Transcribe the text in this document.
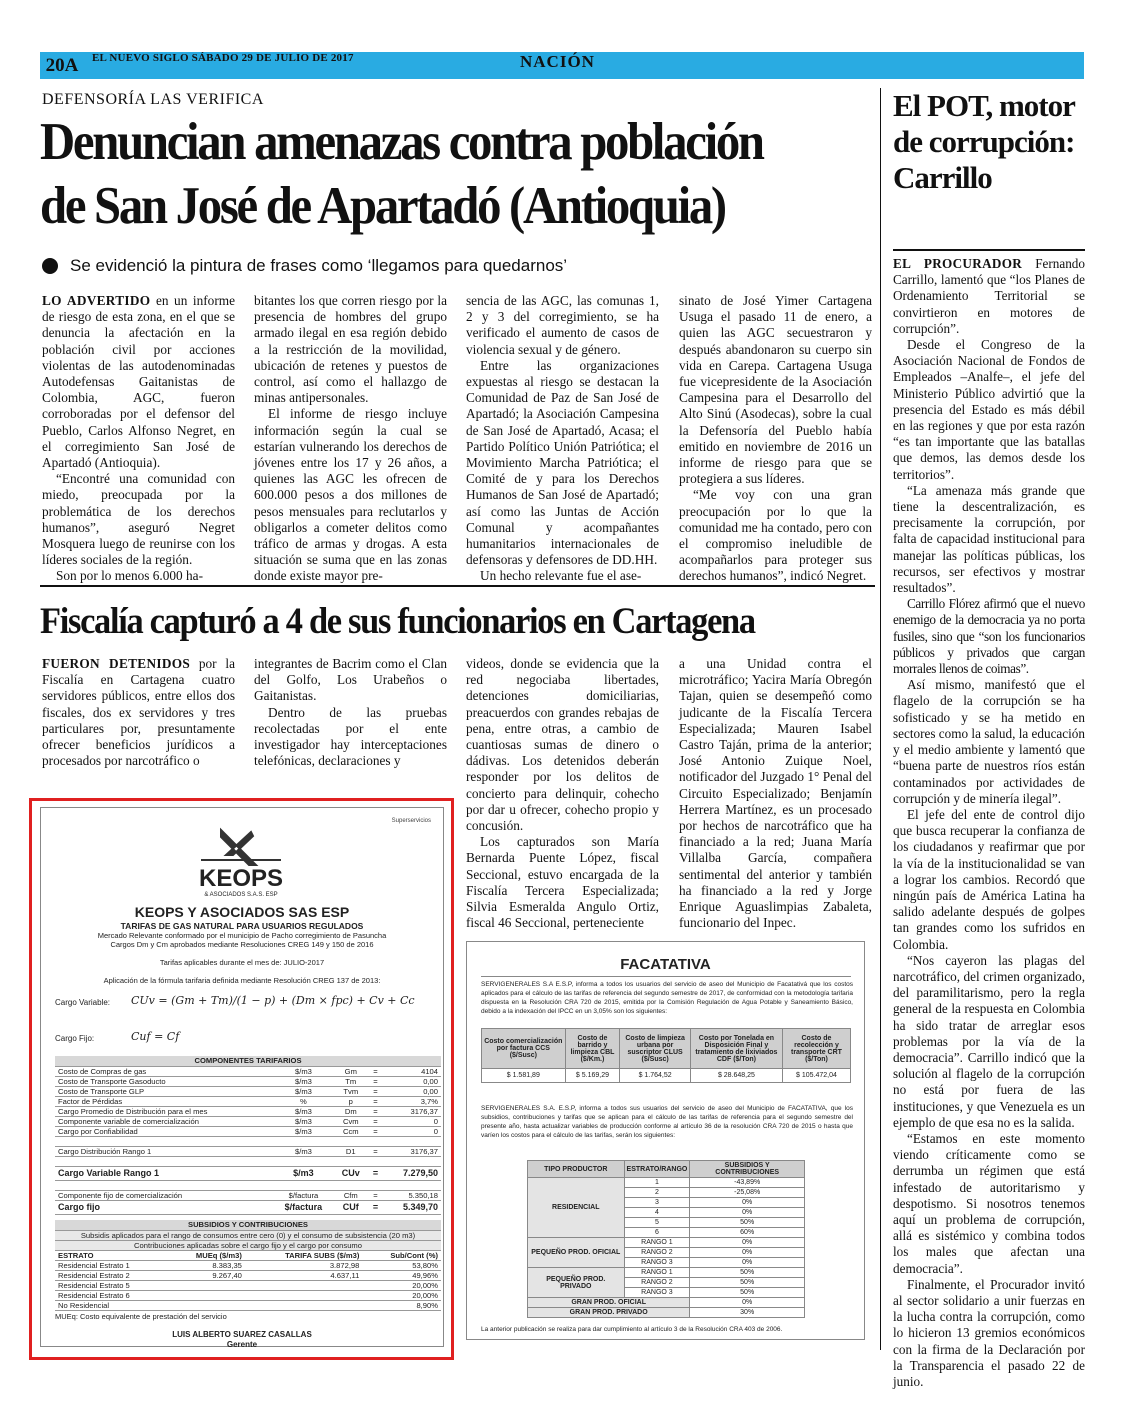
20A	EL NUEVO SIGLO SÁBADO 29 DE JULIO DE 2017	NACIÓN
DEFENSORÍA LAS VERIFICA
Denuncian amenazas contra población de San José de Apartadó (Antioquia)
Se evidenció la pintura de frases como ‘llegamos para quedarnos’

LO ADVERTIDO en un informe de riesgo de esta zona, en el que se denuncia la afectación en la población civil por acciones violentas de las autodenominadas Autodefensas Gaitanistas de Colombia, AGC, fueron corroboradas por el defensor del Pueblo, Carlos Alfonso Negret, en el corregimiento San José de Apartadó (Antioquia).

“Encontré una comunidad con miedo, preocupada por la problemática de los derechos humanos”, aseguró Negret Mosquera luego de reunirse con los líderes sociales de la región.

Son por lo menos 6.000 ha-

bitantes los que corren riesgo por la presencia de hombres del grupo armado ilegal en esa región debido a la restricción de la movilidad, ubicación de retenes y puestos de control, así como el hallazgo de minas antipersonales.

El informe de riesgo incluye información según la cual se estarían vulnerando los derechos de jóvenes entre los 17 y 26 años, a quienes las AGC les ofrecen de 600.000 pesos a dos millones de pesos mensuales para reclutarlos y obligarlos a cometer delitos como tráfico de armas y drogas. A esta situación se suma que en las zonas donde existe mayor pre-

sencia de las AGC, las comunas 1, 2 y 3 del corregimiento, se ha verificado el aumento de casos de violencia sexual y de género.

Entre las organizaciones expuestas al riesgo se destacan la Comunidad de Paz de San José de Apartadó; la Asociación Campesina de San José de Apartadó, Acasa; el Partido Político Unión Patriótica; el Movimiento Marcha Patriótica; el Comité de y para los Derechos Humanos de San José de Apartadó; así como las Juntas de Acción Comunal y acompañantes humanitarios internacionales de defensoras y defensores de DD.HH.

Un hecho relevante fue el ase-

sinato de José Yimer Cartagena Usuga el pasado 11 de enero, a quien las AGC secuestraron y después abandonaron su cuerpo sin vida en Carepa. Cartagena Usuga fue vicepresidente de la Asociación Campesina para el Desarrollo del Alto Sinú (Asodecas), sobre la cual la Defensoría del Pueblo había emitido en noviembre de 2016 un informe de riesgo para que se protegiera a sus líderes.

“Me voy con una gran preocupación por lo que la comunidad me ha contado, pero con el compromiso ineludible de acompañarlos para proteger sus derechos humanos”, indicó Negret.

Fiscalía capturó a 4 de sus funcionarios en Cartagena

FUERON DETENIDOS por la Fiscalía en Cartagena cuatro servidores públicos, entre ellos dos fiscales, dos ex servidores y tres particulares por, presuntamente ofrecer beneficios jurídicos a procesados por narcotráfico o

integrantes de Bacrim como el Clan del Golfo, Los Urabeños o Gaitanistas.

Dentro de las pruebas recolectadas por el ente investigador hay interceptaciones telefónicas, declaraciones y

videos, donde se evidencia que la red negociaba libertades, detenciones domiciliarias, preacuerdos con grandes rebajas de pena, entre otras, a cambio de cuantiosas sumas de dinero o dádivas. Los detenidos deberán responder por los delitos de concierto para delinquir, cohecho por dar u ofrecer, cohecho propio y concusión.

Los capturados son María Bernarda Puente López, fiscal Seccional, estuvo encargada de la Fiscalía Tercera Especializada; Silvia Esmeralda Angulo Ortiz, fiscal 46 Seccional, perteneciente

a una Unidad contra el microtráfico; Yacira María Obregón Tajan, quien se desempeñó como judicante de la Fiscalía Tercera Especializada; Mauren Isabel Castro Taján, prima de la anterior; José Antonio Zuique Noel, notificador del Juzgado 1° Penal del Circuito Especializado; Benjamín Herrera Martínez, es un procesado por hechos de narcotráfico que ha financiado a la red; Juana María Villalba García, compañera sentimental del anterior y también ha financiado a la red y Jorge Enrique Aguaslimpias Zabaleta, funcionario del Inpec.

El POT, motor de corrupción: Carrillo

EL PROCURADOR Fernando Carrillo, lamentó que “los Planes de Ordenamiento Territorial se convirtieron en motores de corrupción”.

Desde el Congreso de la Asociación Nacional de Fondos de Empleados –Analfe–, el jefe del Ministerio Público advirtió que la presencia del Estado es más débil en las regiones y que por esta razón “es tan importante que las batallas que demos, las demos desde los territorios”.

“La amenaza más grande que tiene la descentralización, es precisamente la corrupción, por falta de capacidad institucional para manejar las políticas públicas, los recursos, ser efectivos y mostrar resultados”.

Carrillo Flórez afirmó que el nuevo enemigo de la democracia ya no porta fusiles, sino que “son los funcionarios públicos y privados que cargan morrales llenos de coimas”.

Así mismo, manifestó que el flagelo de la corrupción se ha sofisticado y se ha metido en sectores como la salud, la educación y el medio ambiente y lamentó que “buena parte de nuestros ríos están contaminados por actividades de corrupción y de minería ilegal”.

El jefe del ente de control dijo que busca recuperar la confianza de los ciudadanos y reafirmar que por la vía de la institucionalidad se van a lograr los cambios. Recordó que ningún país de América Latina ha salido adelante después de golpes tan grandes como los sufridos en Colombia.

“Nos cayeron las plagas del narcotráfico, del crimen organizado, del paramilitarismo, pero la regla general de la respuesta en Colombia ha sido tratar de arreglar esos problemas por la vía de la democracia”. Carrillo indicó que la solución al flagelo de la corrupción no está por fuera de las instituciones, y que Venezuela es un ejemplo de que esa no es la salida.

“Estamos en este momento viendo críticamente como se derrumba un régimen que está infestado de autoritarismo y despotismo. Si nosotros tenemos aquí un problema de corrupción, allá es sistémico y combina todos los males que afectan una democracia”.

Finalmente, el Procurador invitó al sector solidario a unir fuerzas en la lucha contra la corrupción, como lo hicieron 13 gremios económicos con la firma de la Declaración por la Transparencia el pasado 22 de junio.

KEOPS
& ASOCIADOS S.A.S. ESP
Superservicios
KEOPS Y ASOCIADOS SAS ESP
TARIFAS DE GAS NATURAL PARA USUARIOS REGULADOS
Mercado Relevante conformado por el municipio de Pacho corregimiento de Pasuncha
Cargos Dm y Cm aprobados mediante Resoluciones CREG 149 y 150 de 2016
Tarifas aplicables durante el mes de: JULIO-2017
Aplicación de la fórmula tarifaria definida mediante Resolución CREG 137 de 2013:
Cargo Variable: CUv = (Gm + Tm)/(1 − p) + (Dm × fpc) + Cv + Cc
Cargo Fijo:	Cuf = Cf
COMPONENTES TARIFARIOS				
Costo de Compras de gas	$/m3	Gm	=	4104
Costo de Transporte Gasoducto	$/m3	Tm	=	0,00
Costo de Transporte GLP	$/m3	Tvm	=	0,00
Factor de Pérdidas	%	p	=	3,7%
Cargo Promedio de Distribución para el mes	$/m3	Dm	=	3176,37
Componente variable de comercialización	$/m3	Cvm	=	0
Cargo por Confiabilidad	$/m3	Ccm	=	0

Cargo Distribución Rango 1	$/m3	D1	=	3176,37

Cargo Variable Rango 1	$/m3	CUv	=	7.279,50

Componente fijo de comercialización	$/factura	Cfm	=	5.350,18
Cargo fijo	$/factura	CUf	=	5.349,70
SUBSIDIOS Y CONTRIBUCIONES			
Subsidis aplicados para el rango de consumos entre cero (0) y el consumo de subsistencia (20 m3)			
Contribuciones aplicadas sobre el cargo fijo y el cargo por consumo			
ESTRATO	MUEq ($/m3)	TARIFA SUBS ($/m3)	Sub/Cont (%)
Residencial Estrato 1	8.383,35	3.872,98	53,80%
Residencial Estrato 2	9.267,40	4.637,11	49,96%
Residencial Estrato 5			20,00%
Residencial Estrato 6			20,00%
No Residencial			8,90%
MUEq: Costo equivalente de prestación del servicio
LUIS ALBERTO SUAREZ CASALLAS
Gerente
FACATATIVA
SERVIGENERALES S.A E.S.P, informa a todos los usuarios del servicio de aseo del Municipio de Facatativá que los costos aplicados para el cálculo de las tarifas de referencia del segundo semestre de 2017, de conformidad con la metodología tarifaria dispuesta en la Resolución CRA 720 de 2015, emitida por la Comisión Regulación de Agua Potable y Saneamiento Básico, debido a la indexación del IPCC en un 3,05% son los siguientes:
Costo comercialización por factura CCS ($/Susc)	Costo de barrido y limpieza CBL ($/Km.)	Costo de limpieza urbana por suscriptor CLUS ($/Susc)	Costo por Tonelada en Disposición Final y tratamiento de lixiviados CDF ($/Ton)	Costo de recolección y transporte CRT ($/Ton)
$ 1.581,89	$ 5.169,29	$ 1.764,52	$ 28.648,25	$ 105.472,04
SERVIGENERALES S.A. E.S.P, informa a todos sus usuarios del servicio de aseo del Municipio de FACATATIVA, que los subsidios, contribuciones y tarifas que se aplican para el cálculo de las tarifas de referencia para el segundo semestre del presente año, hasta actualizar variables de producción conforme al artículo 36 de la resolución CRA 720 de 2015 o hasta que varíen los costos para el cálculo de las tarifas, serán los siguientes:
TIPO PRODUCTOR	ESTRATO/RANGO	SUBSIDIOS Y CONTRIBUCIONES
RESIDENCIAL	1	-43,89%
	2	-25,08%
	3	0%
	4	0%
	5	50%
	6	60%
PEQUEÑO PROD. OFICIAL	RANGO 1	0%
	RANGO 2	0%
	RANGO 3	0%
PEQUEÑO PROD. PRIVADO	RANGO 1	50%
	RANGO 2	50%
	RANGO 3	50%
GRAN PROD. OFICIAL		0%
GRAN PROD. PRIVADO		30%
La anterior publicación se realiza para dar cumplimiento al artículo 3 de la Resolución CRA 403 de 2006.
